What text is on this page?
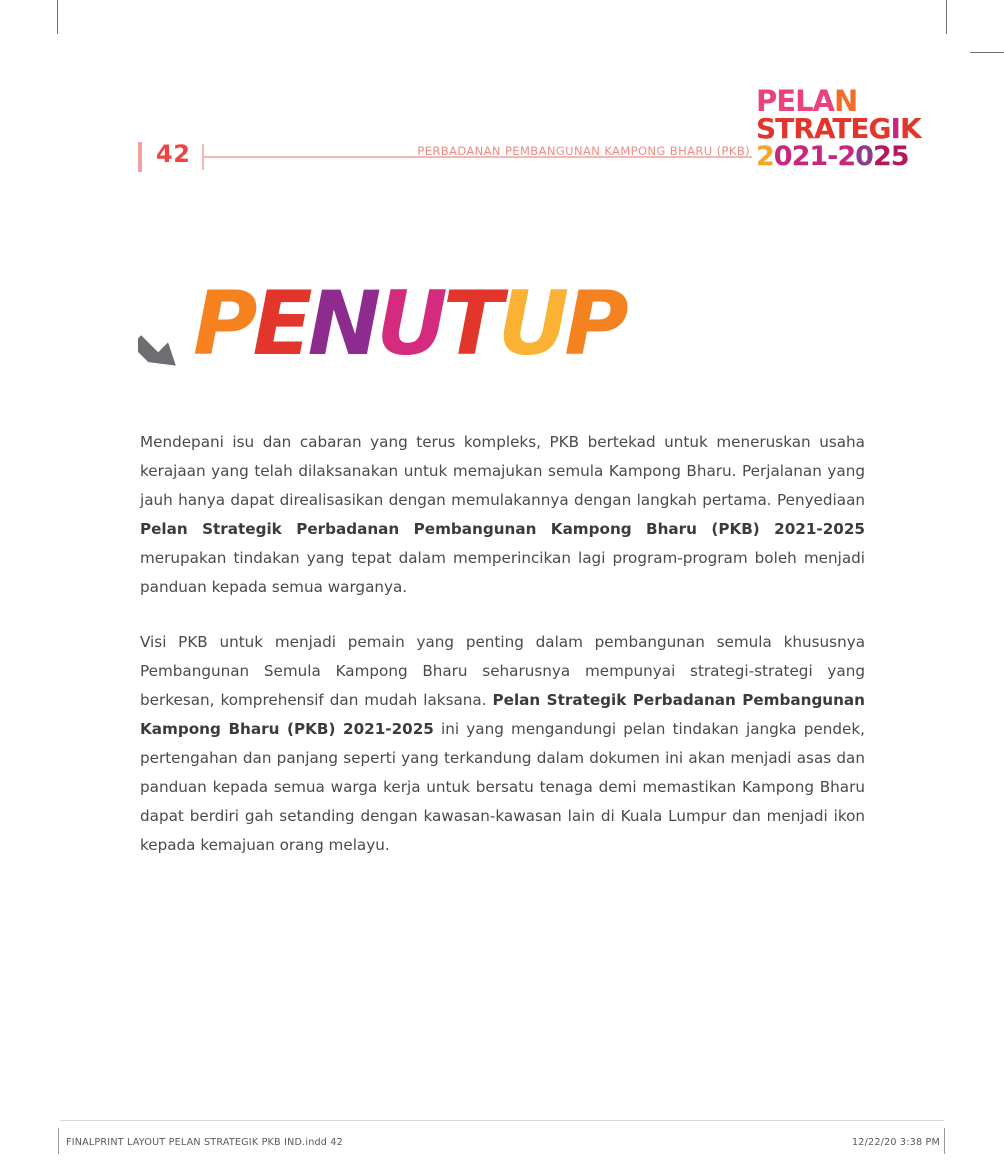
42	PERBADANAN PEMBANGUNAN KAMPONG BHARU (PKB)
PELAN
STRATEGIK
2021-2025
PENUTUP

Mendepani isu dan cabaran yang terus kompleks, PKB bertekad untuk meneruskan usaha kerajaan yang telah dilaksanakan untuk memajukan semula Kampong Bharu. Perjalanan yang jauh hanya dapat direalisasikan dengan memulakannya dengan langkah pertama. Penyediaan Pelan Strategik Perbadanan Pembangunan Kampong Bharu (PKB) 2021-2025 merupakan tindakan yang tepat dalam memperincikan lagi program-program boleh menjadi panduan kepada semua warganya.

Visi PKB untuk menjadi pemain yang penting dalam pembangunan semula khususnya Pembangunan Semula Kampong Bharu seharusnya mempunyai strategi-strategi yang berkesan, komprehensif dan mudah laksana. Pelan Strategik Perbadanan Pembangunan Kampong Bharu (PKB) 2021-2025 ini yang mengandungi pelan tindakan jangka pendek, pertengahan dan panjang seperti yang terkandung dalam dokumen ini akan menjadi asas dan panduan kepada semua warga kerja untuk bersatu tenaga demi memastikan Kampong Bharu dapat berdiri gah setanding dengan kawasan-kawasan lain di Kuala Lumpur dan menjadi ikon kepada kemajuan orang melayu.

FINALPRINT LAYOUT PELAN STRATEGIK PKB IND.indd 42	12/22/20 3:38 PM
